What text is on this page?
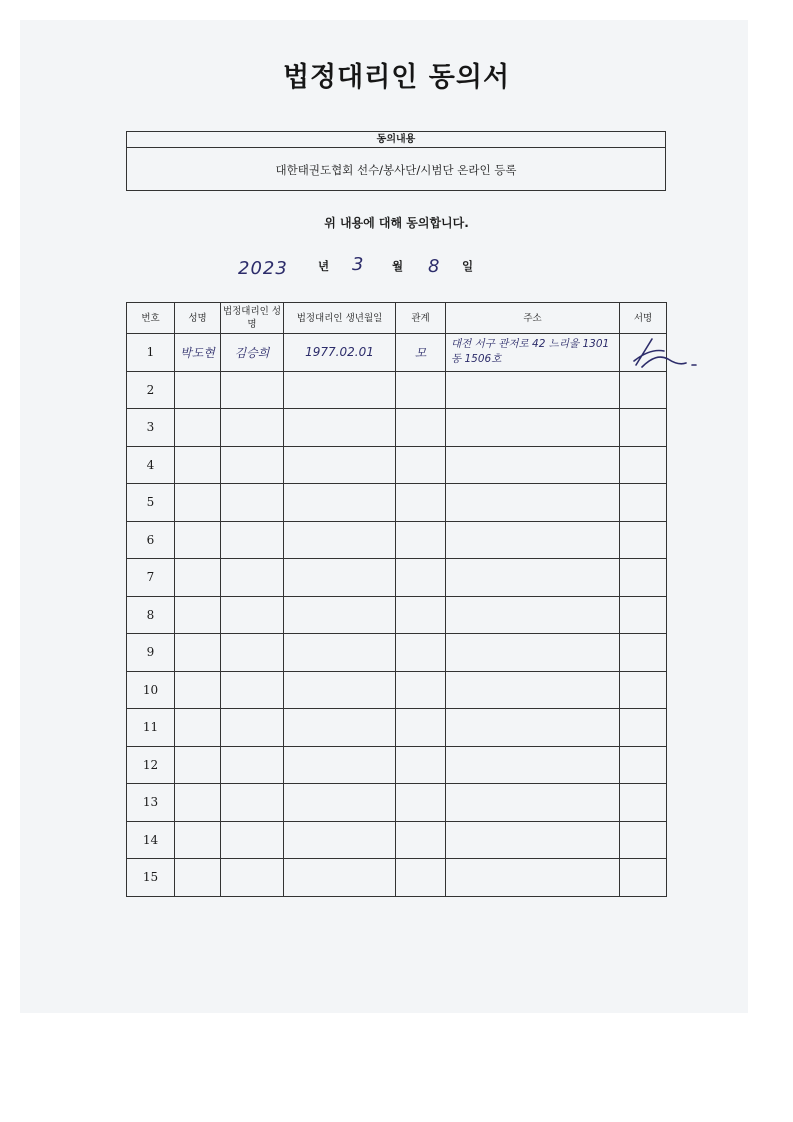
법정대리인 동의서
동의내용
대한태권도협회 선수/봉사단/시범단 온라인 등록
위 내용에 대해 동의합니다.
2023	년 3 월 8 일
번호	성명	법정대리인 성명	법정대리인 생년월일	관계	주소	서명
1	박도현	김승희	1977.02.01	모	대전 서구 관저로 42 느리울 1301동 1506호	
2						
3						
4						
5						
6						
7						
8						
9						
10						
11						
12						
13						
14						
15						
